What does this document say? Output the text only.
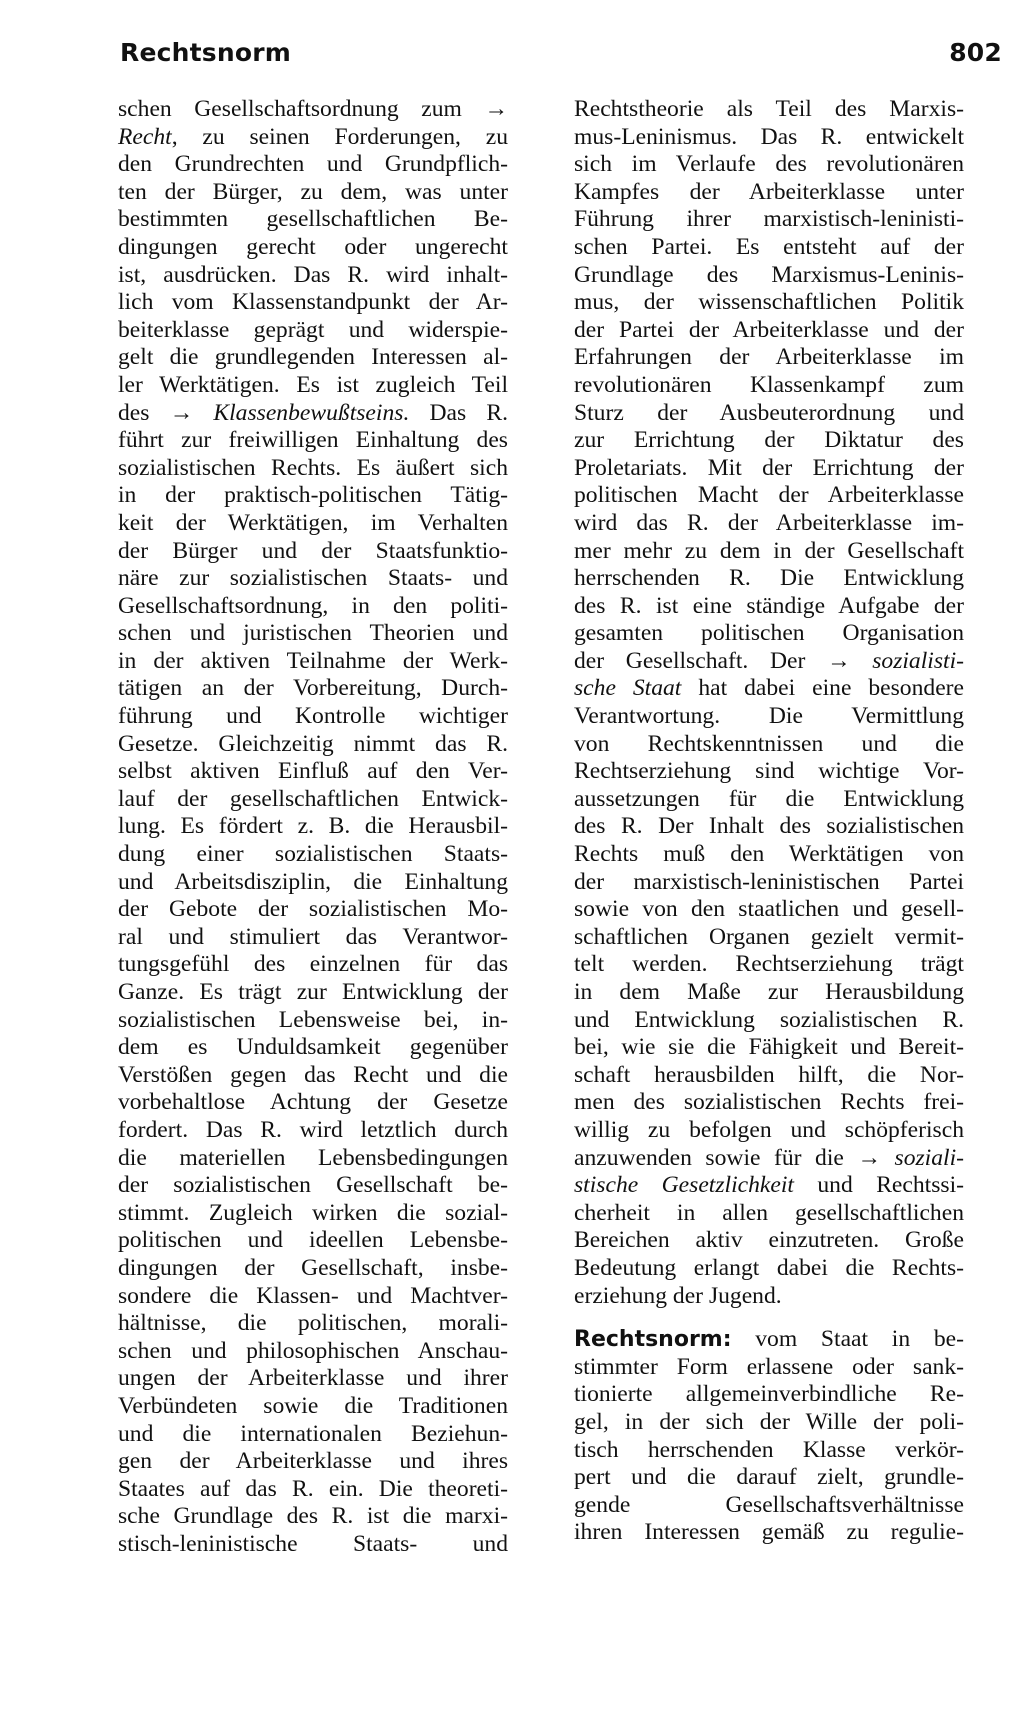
Rechtsnorm	802
schen Gesellschaftsordnung zum →
Recht, zu seinen Forderungen, zu
den Grundrechten und Grundpflich-
ten der Bürger, zu dem, was unter
bestimmten gesellschaftlichen Be-
dingungen gerecht oder ungerecht
ist, ausdrücken. Das R. wird inhalt-
lich vom Klassenstandpunkt der Ar-
beiterklasse geprägt und widerspie-
gelt die grundlegenden Interessen al-
ler Werktätigen. Es ist zugleich Teil
des → Klassenbewußtseins. Das R.
führt zur freiwilligen Einhaltung des
sozialistischen Rechts. Es äußert sich
in der praktisch-politischen Tätig-
keit der Werktätigen, im Verhalten
der Bürger und der Staatsfunktio-
näre zur sozialistischen Staats- und
Gesellschaftsordnung, in den politi-
schen und juristischen Theorien und
in der aktiven Teilnahme der Werk-
tätigen an der Vorbereitung, Durch-
führung und Kontrolle wichtiger
Gesetze. Gleichzeitig nimmt das R.
selbst aktiven Einfluß auf den Ver-
lauf der gesellschaftlichen Entwick-
lung. Es fördert z. B. die Herausbil-
dung einer sozialistischen Staats-
und Arbeitsdisziplin, die Einhaltung
der Gebote der sozialistischen Mo-
ral und stimuliert das Verantwor-
tungsgefühl des einzelnen für das
Ganze. Es trägt zur Entwicklung der
sozialistischen Lebensweise bei, in-
dem es Unduldsamkeit gegenüber
Verstößen gegen das Recht und die
vorbehaltlose Achtung der Gesetze
fordert. Das R. wird letztlich durch
die materiellen Lebensbedingungen
der sozialistischen Gesellschaft be-
stimmt. Zugleich wirken die sozial-
politischen und ideellen Lebensbe-
dingungen der Gesellschaft, insbe-
sondere die Klassen- und Machtver-
hältnisse, die politischen, morali-
schen und philosophischen Anschau-
ungen der Arbeiterklasse und ihrer
Verbündeten sowie die Traditionen
und die internationalen Beziehun-
gen der Arbeiterklasse und ihres
Staates auf das R. ein. Die theoreti-
sche Grundlage des R. ist die marxi-
stisch-leninistische Staats- und
Rechtstheorie als Teil des Marxis-
mus-Leninismus. Das R. entwickelt
sich im Verlaufe des revolutionären
Kampfes der Arbeiterklasse unter
Führung ihrer marxistisch-leninisti-
schen Partei. Es entsteht auf der
Grundlage des Marxismus-Leninis-
mus, der wissenschaftlichen Politik
der Partei der Arbeiterklasse und der
Erfahrungen der Arbeiterklasse im
revolutionären Klassenkampf zum
Sturz der Ausbeuterordnung und
zur Errichtung der Diktatur des
Proletariats. Mit der Errichtung der
politischen Macht der Arbeiterklasse
wird das R. der Arbeiterklasse im-
mer mehr zu dem in der Gesellschaft
herrschenden R. Die Entwicklung
des R. ist eine ständige Aufgabe der
gesamten politischen Organisation
der Gesellschaft. Der → sozialisti-
sche Staat hat dabei eine besondere
Verantwortung. Die Vermittlung
von Rechtskenntnissen und die
Rechtserziehung sind wichtige Vor-
aussetzungen für die Entwicklung
des R. Der Inhalt des sozialistischen
Rechts muß den Werktätigen von
der marxistisch-leninistischen Partei
sowie von den staatlichen und gesell-
schaftlichen Organen gezielt vermit-
telt werden. Rechtserziehung trägt
in dem Maße zur Herausbildung
und Entwicklung sozialistischen R.
bei, wie sie die Fähigkeit und Bereit-
schaft herausbilden hilft, die Nor-
men des sozialistischen Rechts frei-
willig zu befolgen und schöpferisch
anzuwenden sowie für die → soziali-
stische Gesetzlichkeit und Rechtssi-
cherheit in allen gesellschaftlichen
Bereichen aktiv einzutreten. Große
Bedeutung erlangt dabei die Rechts-
erziehung der Jugend.
Rechtsnorm: vom Staat in be-
stimmter Form erlassene oder sank-
tionierte allgemeinverbindliche Re-
gel, in der sich der Wille der poli-
tisch herrschenden Klasse verkör-
pert und die darauf zielt, grundle-
gende Gesellschaftsverhältnisse
ihren Interessen gemäß zu regulie-
